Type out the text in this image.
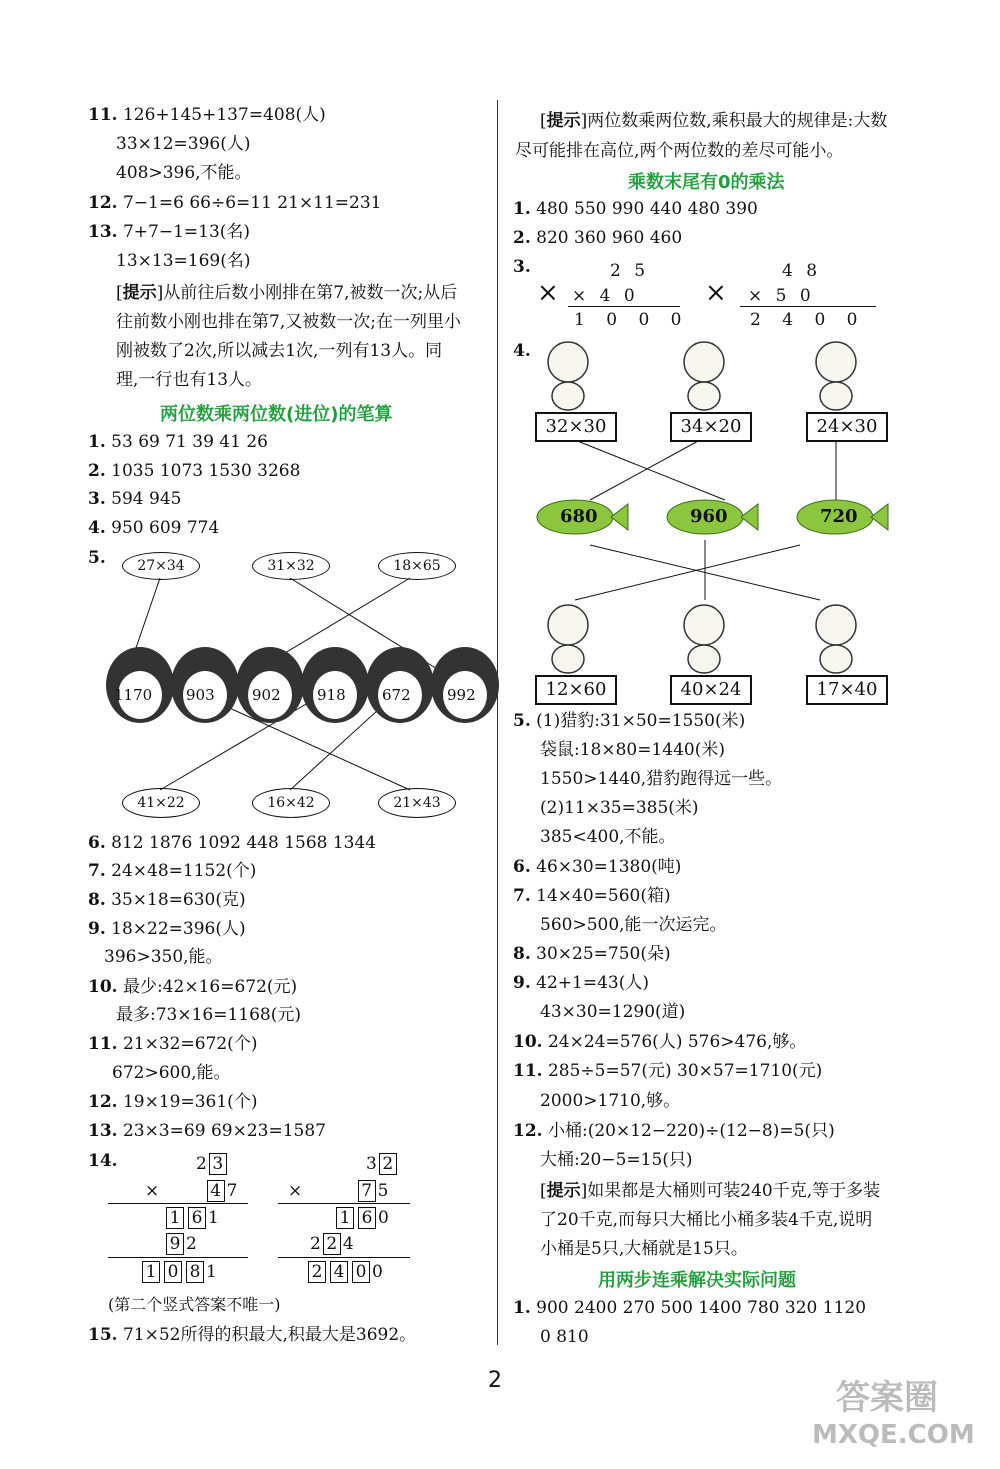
11. 126+145+137=408(人)
33×12=396(人)
408>396,不能。
12. 7−1=6 66÷6=11 21×11=231
13. 7+7−1=13(名)
13×13=169(名)
[提示]从前往后数小刚排在第7,被数一次;从后
往前数小刚也排在第7,又被数一次;在一列里小
刚被数了2次,所以减去1次,一列有13人。同
理,一行也有13人。
两位数乘两位数(进位)的笔算
1. 53 69 71 39 41 26
2. 1035 1073 1530 3268
3. 594 945
4. 950 609 774
5.	27×34	31×32	18×65
1170 903 902 918 672 992
41×22	16×42	21×43
6. 812 1876 1092 448 1568 1344
7. 24×48=1152(个)
8. 35×18=630(克)
9. 18×22=396(人)
396>350,能。
10. 最少:42×16=672(元)
最多:73×16=1168(元)
11. 21×32=672(个)
672>600,能。
12. 19×19=361(个)
13. 23×3=69 69×23=1587
14.	2 3
×	4 7
1 6 1
9 2
1 0 8 1
3 2
×	7 5
1 6 0
2 2 4
2 4 0 0
(第二个竖式答案不唯一)
15. 71×52所得的积最大,积最大是3692。
[提示]两位数乘两位数,乘积最大的规律是:大数
尽可能排在高位,两个两位数的差尽可能小。
乘数末尾有0的乘法
1. 480 550 990 440 480 390
2. 820 360 960 460
3.
×
2 5
× 4 0
1 0 0 0
×
4 8
× 5 0
2 4 0 0
4.
32×30	34×20	24×30
680	960	720
12×60	40×24	17×40
5. (1)猎豹:31×50=1550(米)
袋鼠:18×80=1440(米)
1550>1440,猎豹跑得远一些。
(2)11×35=385(米)
385<400,不能。
6. 46×30=1380(吨)
7. 14×40=560(箱)
560>500,能一次运完。
8. 30×25=750(朵)
9. 42+1=43(人)
43×30=1290(道)
10. 24×24=576(人) 576>476,够。
11. 285÷5=57(元) 30×57=1710(元)
2000>1710,够。
12. 小桶:(20×12−220)÷(12−8)=5(只)
大桶:20−5=15(只)
[提示]如果都是大桶则可装240千克,等于多装
了20千克,而每只大桶比小桶多装4千克,说明
小桶是5只,大桶就是15只。
用两步连乘解决实际问题
1. 900 2400 270 500 1400 780 320 1120
0 810
2	答案圈
MXQE.COM
